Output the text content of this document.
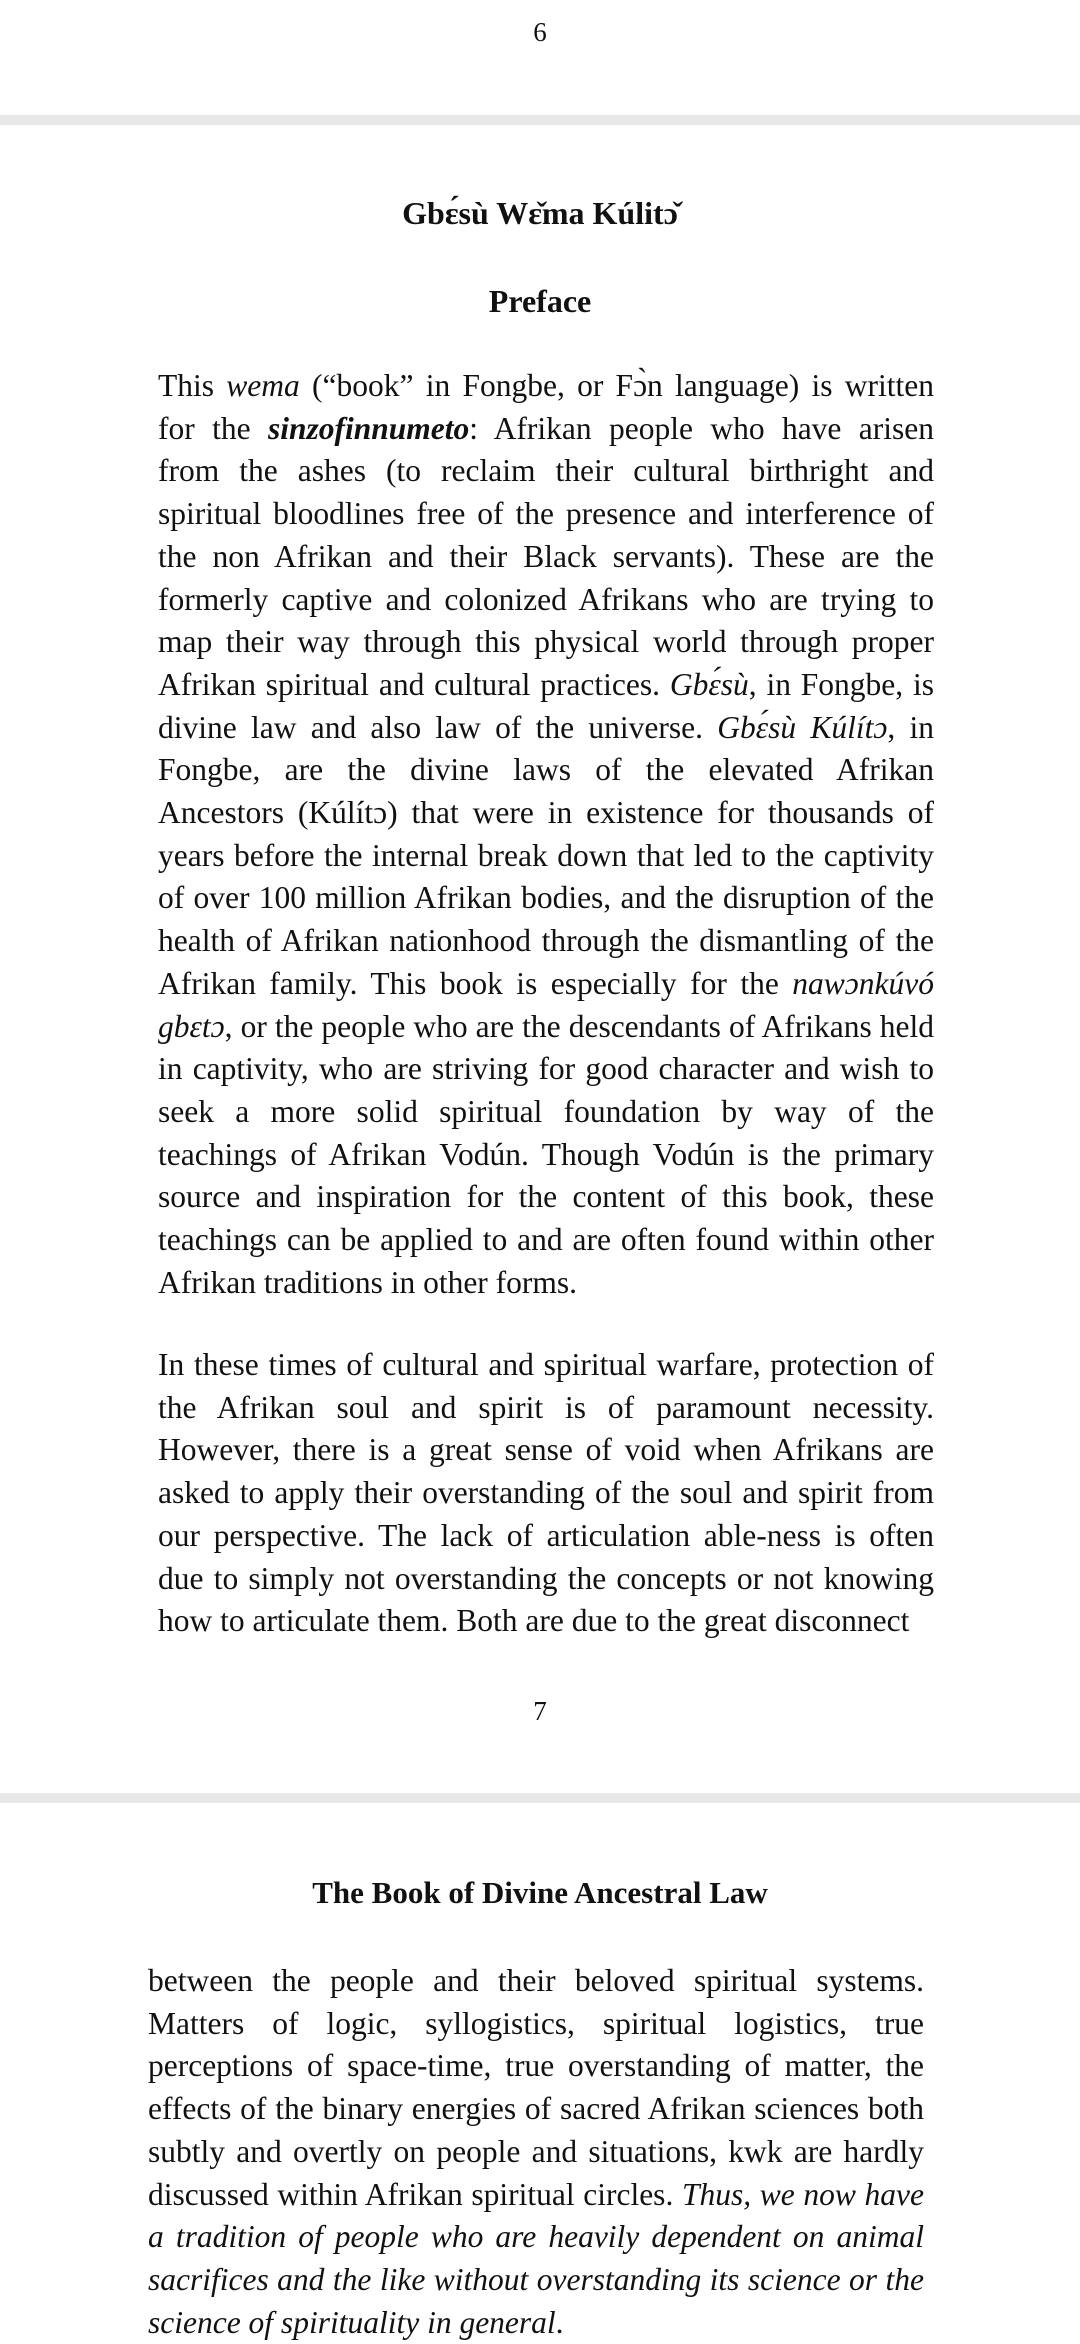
6
Gbɛ́sù Wɛ̌ma Kúlitɔ̌
Preface
This wema (“book” in Fongbe, or Fɔ̀n language) is written for the sinzofinnumeto: Afrikan people who have arisen from the ashes (to reclaim their cultural birthright and spiritual bloodlines free of the presence and interference of the non Afrikan and their Black servants). These are the formerly captive and colonized Afrikans who are trying to map their way through this physical world through proper Afrikan spiritual and cultural practices. Gbɛ́sù, in Fongbe, is divine law and also law of the universe. Gbɛ́sù Kúlítɔ, in Fongbe, are the divine laws of the elevated Afrikan Ancestors (Kúlítɔ) that were in existence for thousands of years before the internal break down that led to the captivity of over 100 million Afrikan bodies, and the disruption of the health of Afrikan nationhood through the dismantling of the Afrikan family. This book is especially for the nawɔnkúvó gbɛtɔ, or the people who are the descendants of Afrikans held in captivity, who are striving for good character and wish to seek a more solid spiritual foundation by way of the teachings of Afrikan Vodún. Though Vodún is the primary source and inspiration for the content of this book, these teachings can be applied to and are often found within other Afrikan traditions in other forms.
In these times of cultural and spiritual warfare, protection of the Afrikan soul and spirit is of paramount necessity. However, there is a great sense of void when Afrikans are asked to apply their overstanding of the soul and spirit from our perspective. The lack of articulation able-ness is often due to simply not overstanding the concepts or not knowing how to articulate them. Both are due to the great disconnect
7
The Book of Divine Ancestral Law
between the people and their beloved spiritual systems. Matters of logic, syllogistics, spiritual logistics, true perceptions of space-time, true overstanding of matter, the effects of the binary energies of sacred Afrikan sciences both subtly and overtly on people and situations, kwk are hardly discussed within Afrikan spiritual circles. Thus, we now have a tradition of people who are heavily dependent on animal sacrifices and the like without overstanding its science or the science of spirituality in general.
